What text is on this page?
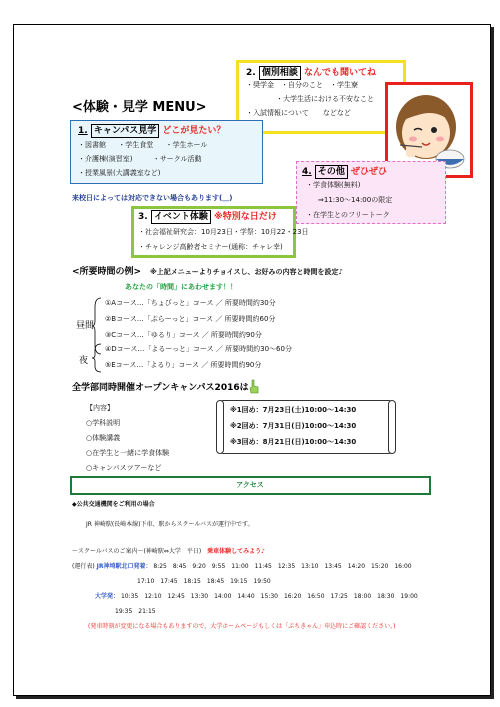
<体験・見学 MENU>
2. 個別相談 なんでも聞いてね
・奨学金　・自分のこと　・学生寮
・大学生活における不安なこと
・入試情報について　　などなど
1. キャンパス見学 どこが見たい？
・図書館 ・学生食堂 ・学生ホール
・介護棟(演習室)	・サークル活動
・授業風景(大講義室など)	4. その他 ぜひぜひ
・学食体験(無料)
⇒11:30～14:00の限定
・在学生とのフリートーク
来校日によっては対応できない場合もあります(＿)
3. イベント体験 ※特別な日だけ
・社会福祉研究会：10月23日・学祭：10月22・23日
・チャレンジ高齢者セミナー(通称：チャレ幸)
<所要時間の例> ※上記メニューよりチョイスし、お好みの内容と時間を設定♪
あなたの「時間」にあわせます！！
昼間
①Aコース…「ちょびっと」コース ／ 所要時間約30分
②Bコース…「ぷらーっと」コース ／ 所要時間約60分
③Cコース…「ゆるり」コース ／ 所要時間約90分
夜
④Dコース…「よるーっと」コース ／ 所要時間約30～60分
⑤Eコース…「よるり」コース ／ 所要時間約90分
全学部同時開催オープンキャンパス2016は
【内容】
○学科説明
○体験講義
○在学生と一緒に学食体験
○キャンパスツアーなど
※1回め：7月23日(土)10:00～14:30
※2回め：7月31日(日)10:00～14:30
※3回め：8月21日(日)10:00～14:30
アクセス
◆公共交通機関をご利用の場合
JR 神崎駅(長崎本線)下車、駅からスクールバスが運行中です。
～スクールバスのご案内～(神崎駅⇔大学　平日) 乗車体験してみよう♪
(運行表) JR神埼駅北口発着： 8:25　8:45　9:20　9:55　11:00　11:45　12:35　13:10　13:45　14:20　15:20　16:00
17:10　17:45　18:15　18:45　19:15　19:50
大学発： 10:35　12:10　12:45　13:30　14:00　14:40　15:30　16:20　16:50　17:25　18:00　18:30　19:00
19:35　21:15
(発車時刻が変更になる場合もありますので、大学ホームページもしくは「ぷちきゃん」申込時にご確認ください。)
